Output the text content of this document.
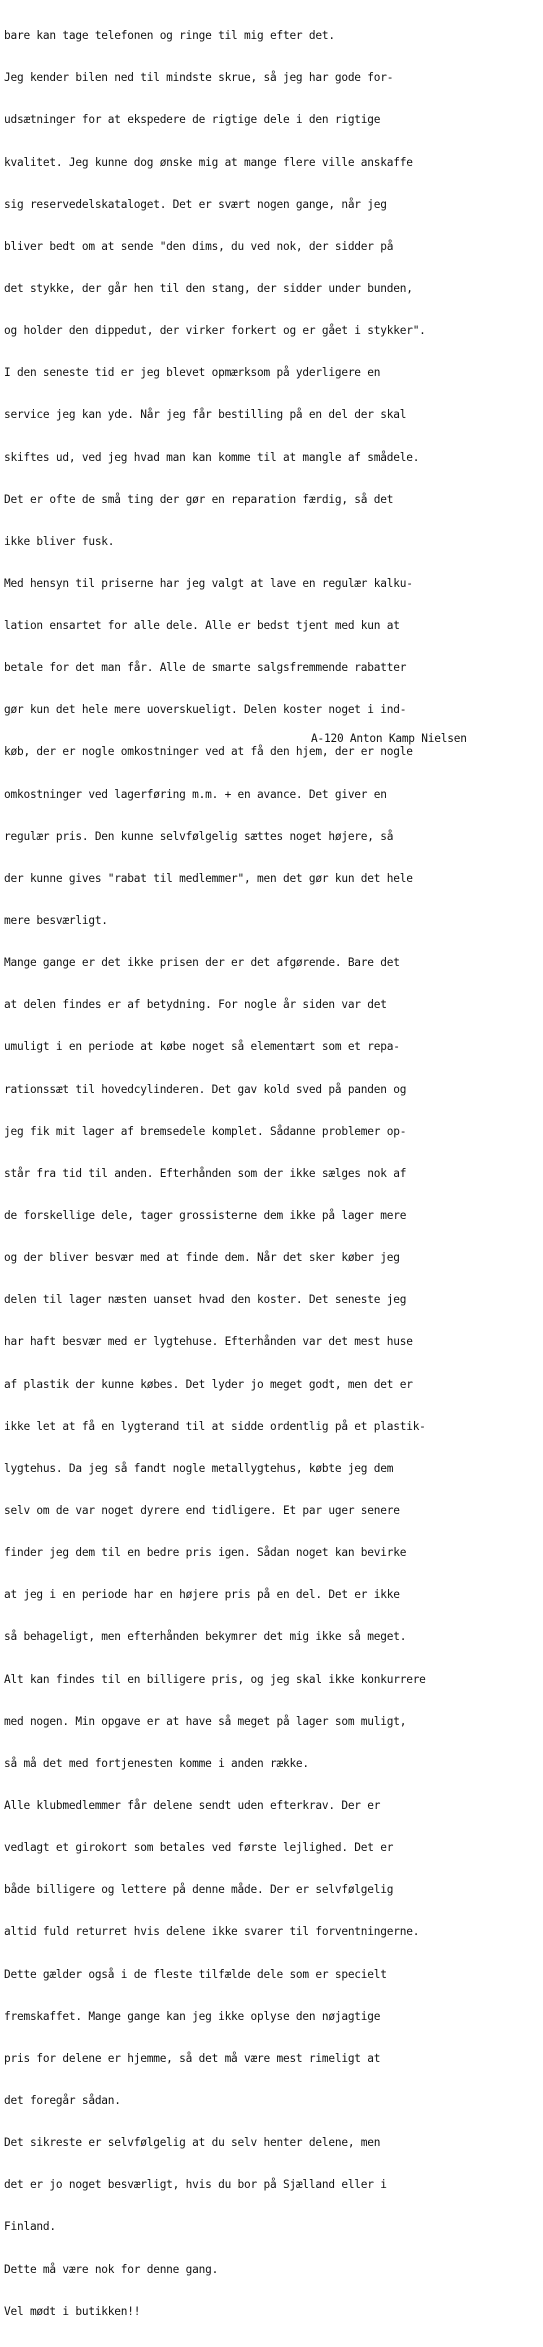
bare kan tage telefonen og ringe til mig efter det.

Jeg kender bilen ned til mindste skrue, så jeg har gode for-

udsætninger for at ekspedere de rigtige dele i den rigtige

kvalitet. Jeg kunne dog ønske mig at mange flere ville anskaffe

sig reservedelskataloget. Det er svært nogen gange, når jeg

bliver bedt om at sende "den dims, du ved nok, der sidder på

det stykke, der går hen til den stang, der sidder under bunden,

og holder den dippedut, der virker forkert og er gået i stykker".

I den seneste tid er jeg blevet opmærksom på yderligere en

service jeg kan yde. Når jeg får bestilling på en del der skal

skiftes ud, ved jeg hvad man kan komme til at mangle af smådele.

Det er ofte de små ting der gør en reparation færdig, så det

ikke bliver fusk.

Med hensyn til priserne har jeg valgt at lave en regulær kalku-

lation ensartet for alle dele. Alle er bedst tjent med kun at

betale for det man får. Alle de smarte salgsfremmende rabatter

gør kun det hele mere uoverskueligt. Delen koster noget i ind-

køb, der er nogle omkostninger ved at få den hjem, der er nogle

omkostninger ved lagerføring m.m. + en avance. Det giver en

regulær pris. Den kunne selvfølgelig sættes noget højere, så

der kunne gives "rabat til medlemmer", men det gør kun det hele

mere besværligt.

Mange gange er det ikke prisen der er det afgørende. Bare det

at delen findes er af betydning. For nogle år siden var det

umuligt i en periode at købe noget så elementært som et repa-

rationssæt til hovedcylinderen. Det gav kold sved på panden og

jeg fik mit lager af bremsedele komplet. Sådanne problemer op-

står fra tid til anden. Efterhånden som der ikke sælges nok af

de forskellige dele, tager grossisterne dem ikke på lager mere

og der bliver besvær med at finde dem. Når det sker køber jeg

delen til lager næsten uanset hvad den koster. Det seneste jeg

har haft besvær med er lygtehuse. Efterhånden var det mest huse

af plastik der kunne købes. Det lyder jo meget godt, men det er

ikke let at få en lygterand til at sidde ordentlig på et plastik-

lygtehus. Da jeg så fandt nogle metallygtehus, købte jeg dem

selv om de var noget dyrere end tidligere. Et par uger senere

finder jeg dem til en bedre pris igen. Sådan noget kan bevirke

at jeg i en periode har en højere pris på en del. Det er ikke

så behageligt, men efterhånden bekymrer det mig ikke så meget.

Alt kan findes til en billigere pris, og jeg skal ikke konkurrere

med nogen. Min opgave er at have så meget på lager som muligt,

så må det med fortjenesten komme i anden række.

Alle klubmedlemmer får delene sendt uden efterkrav. Der er

vedlagt et girokort som betales ved første lejlighed. Det er

både billigere og lettere på denne måde. Der er selvfølgelig

altid fuld returret hvis delene ikke svarer til forventningerne.

Dette gælder også i de fleste tilfælde dele som er specielt

fremskaffet. Mange gange kan jeg ikke oplyse den nøjagtige

pris for delene er hjemme, så det må være mest rimeligt at

det foregår sådan.

Det sikreste er selvfølgelig at du selv henter delene, men

det er jo noget besværligt, hvis du bor på Sjælland eller i

Finland.

Dette må være nok for denne gang.

Vel mødt i butikken!!

A-120 Anton Kamp Nielsen
